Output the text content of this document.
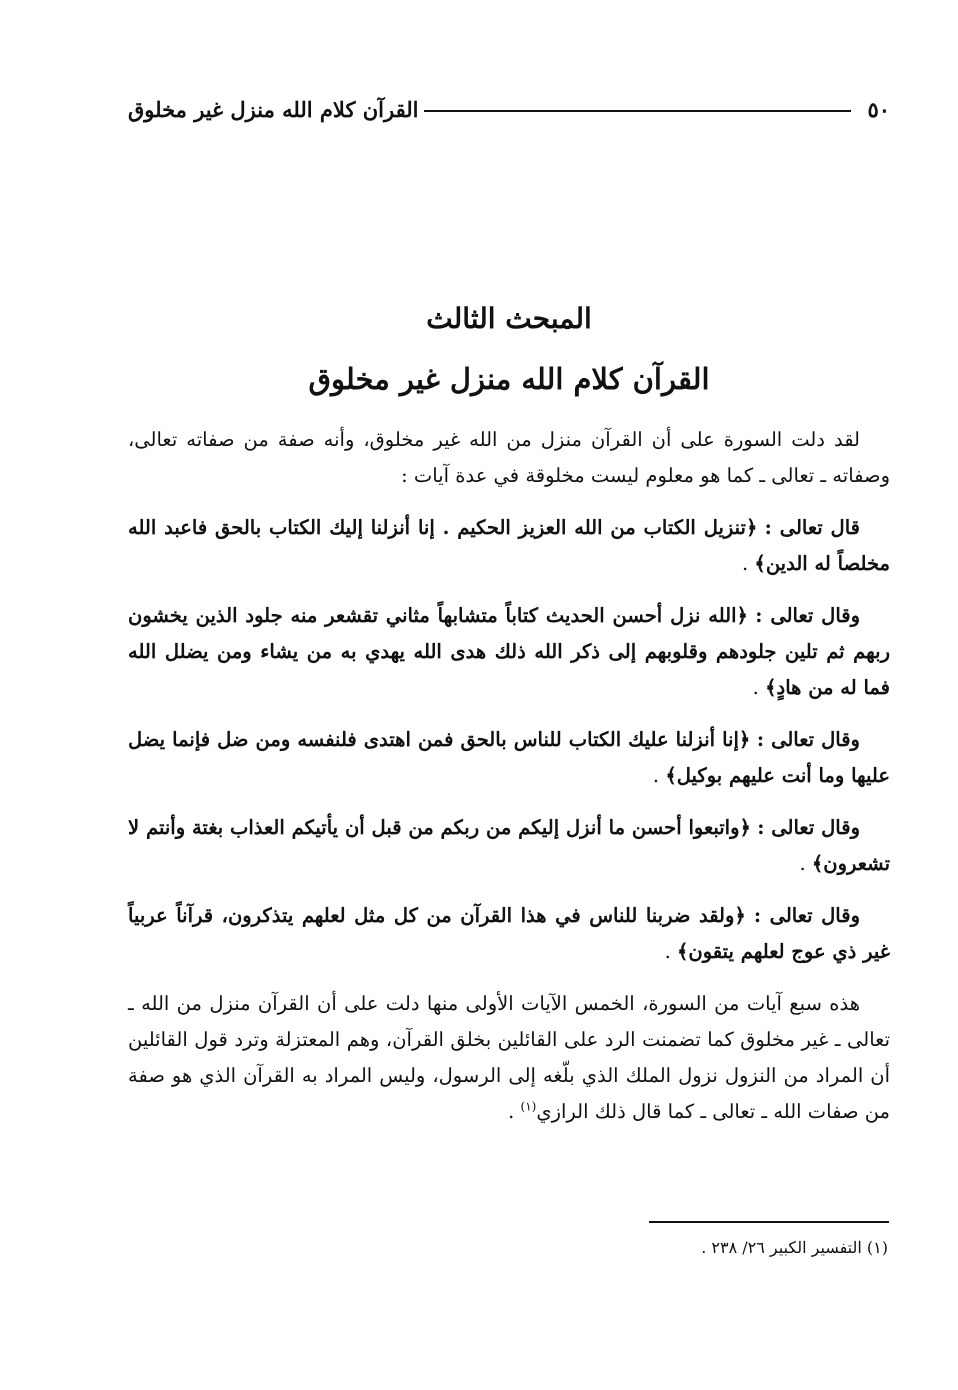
٥٠
القرآن كلام الله منزل غير مخلوق
المبحث الثالث
القرآن كلام الله منزل غير مخلوق

لقد دلت السورة على أن القرآن منزل من الله غير مخلوق، وأنه صفة من صفاته تعالى، وصفاته ـ تعالى ـ كما هو معلوم ليست مخلوقة في عدة آيات :

قال تعالى : ﴿تنزيل الكتاب من الله العزيز الحكيم . إنا أنزلنا إليك الكتاب بالحق فاعبد الله مخلصاً له الدين﴾ .

وقال تعالى : ﴿الله نزل أحسن الحديث كتاباً متشابهاً مثاني تقشعر منه جلود الذين يخشون ربهم ثم تلين جلودهم وقلوبهم إلى ذكر الله ذلك هدى الله يهدي به من يشاء ومن يضلل الله فما له من هادٍ﴾ .

وقال تعالى : ﴿إنا أنزلنا عليك الكتاب للناس بالحق فمن اهتدى فلنفسه ومن ضل فإنما يضل عليها وما أنت عليهم بوكيل﴾ .

وقال تعالى : ﴿واتبعوا أحسن ما أنزل إليكم من ربكم من قبل أن يأتيكم العذاب بغتة وأنتم لا تشعرون﴾ .

وقال تعالى : ﴿ولقد ضربنا للناس في هذا القرآن من كل مثل لعلهم يتذكرون، قرآناً عربياً غير ذي عوج لعلهم يتقون﴾ .

هذه سبع آيات من السورة، الخمس الآيات الأولى منها دلت على أن القرآن منزل من الله ـ تعالى ـ غير مخلوق كما تضمنت الرد على القائلين بخلق القرآن، وهم المعتزلة وترد قول القائلين أن المراد من النزول نزول الملك الذي بلّغه إلى الرسول، وليس المراد به القرآن الذي هو صفة من صفات الله ـ تعالى ـ كما قال ذلك الرازي$^{(١)}$ .

(١) التفسير الكبير ٢٦/ ٢٣٨ .
